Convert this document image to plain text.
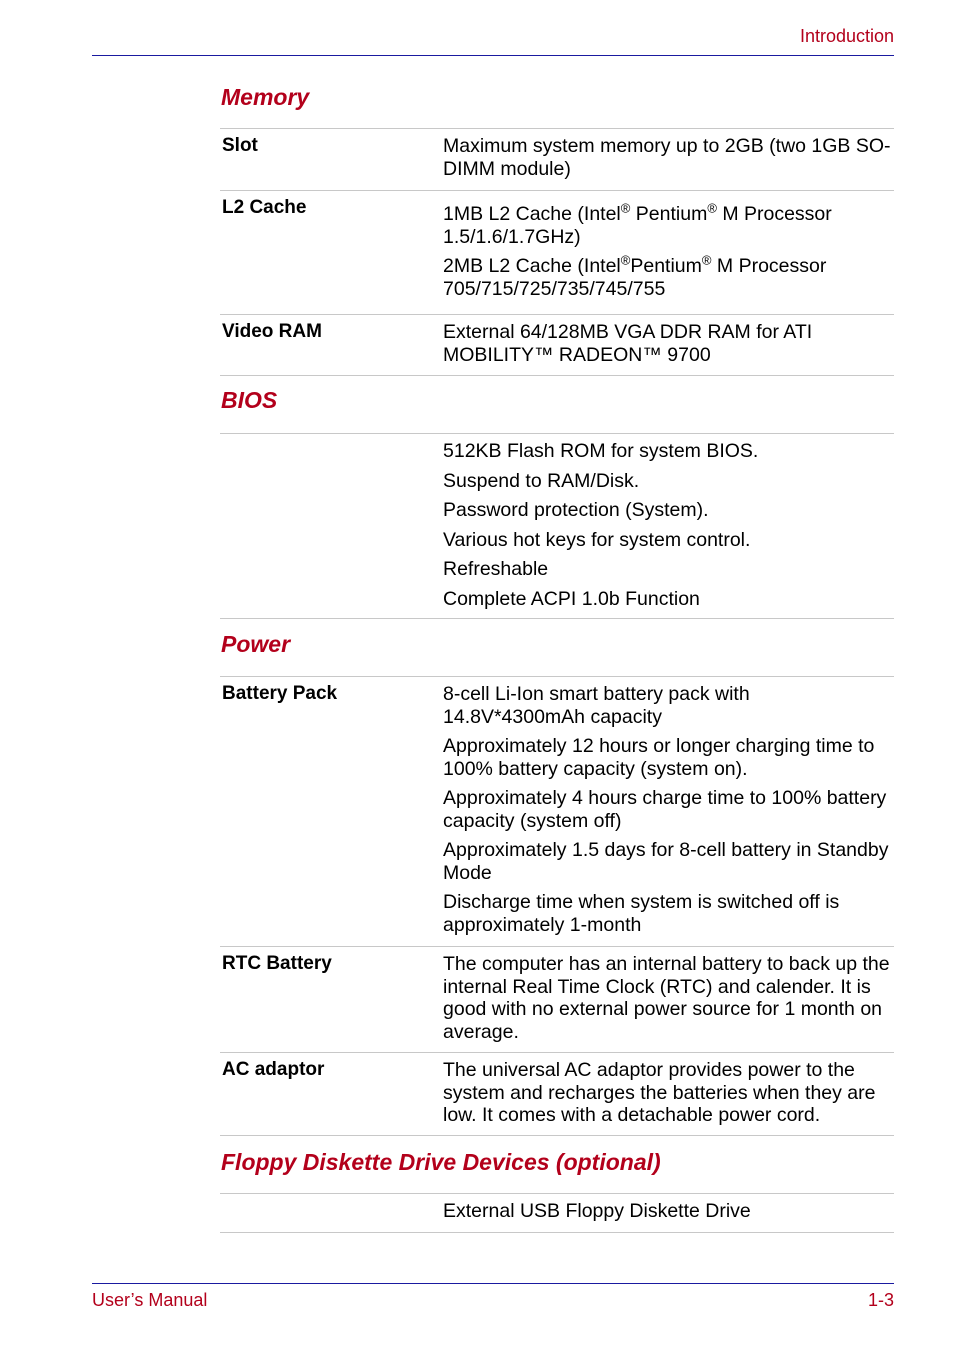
Introduction
Memory
Slot	Maximum system memory up to 2GB (two 1GB SO-DIMM module)

L2 Cache	1MB L2 Cache (Intel® Pentium® M Processor 1.5/1.6/1.7GHz)

2MB L2 Cache (Intel®Pentium® M Processor 705/715/725/735/745/755

Video RAM	External 64/128MB VGA DDR RAM for ATI MOBILITY™ RADEON™ 9700

BIOS

512KB Flash ROM for system BIOS.

Suspend to RAM/Disk.

Password protection (System).

Various hot keys for system control.

Refreshable

Complete ACPI 1.0b Function

Power
Battery Pack	8-cell Li-Ion smart battery pack with 14.8V*4300mAh capacity

Approximately 12 hours or longer charging time to 100% battery capacity (system on).

Approximately 4 hours charge time to 100% battery capacity (system off)

Approximately 1.5 days for 8-cell battery in Standby Mode

Discharge time when system is switched off is approximately 1-month

RTC Battery	The computer has an internal battery to back up the internal Real Time Clock (RTC) and calender. It is good with no external power source for 1 month on average.

AC adaptor	The universal AC adaptor provides power to the system and recharges the batteries when they are low. It comes with a detachable power cord.

Floppy Diskette Drive Devices (optional)

External USB Floppy Diskette Drive

User’s Manual	1-3
